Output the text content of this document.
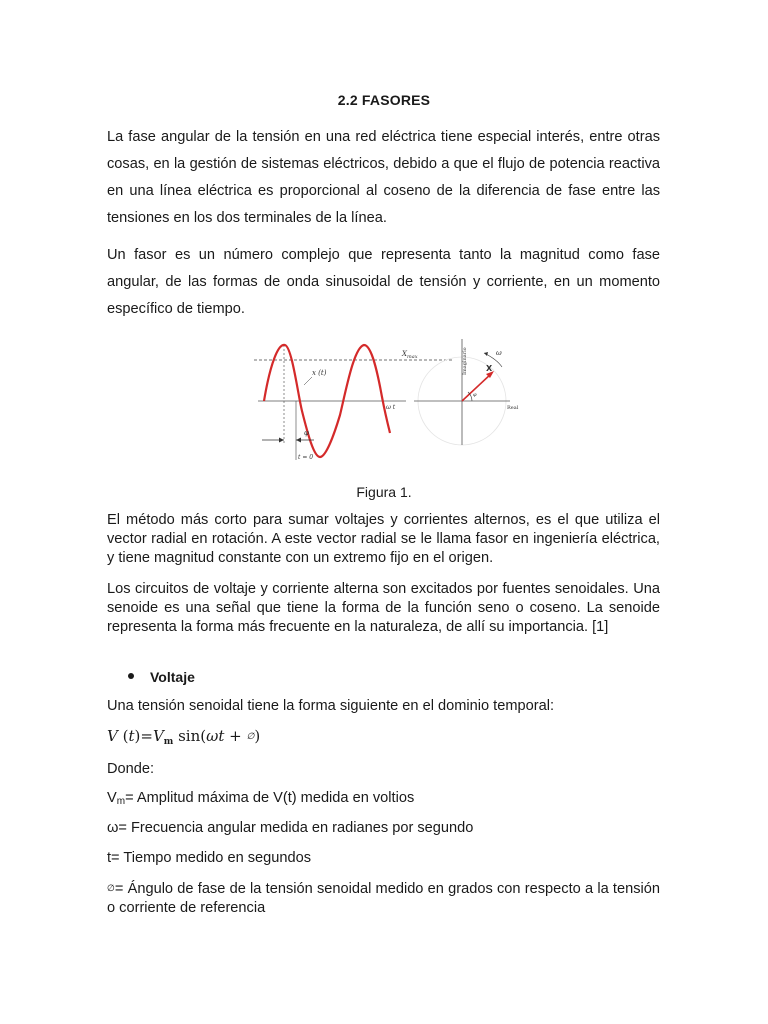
2.2 FASORES

La fase angular de la tensión en una red eléctrica tiene especial interés, entre otras cosas, en la gestión de sistemas eléctricos, debido a que el flujo de potencia reactiva en una línea eléctrica es proporcional al coseno de la diferencia de fase entre las tensiones en los dos terminales de la línea.

Un fasor es un número complejo que representa tanto la magnitud como fase angular, de las formas de onda sinusoidal de tensión y corriente, en un momento específico de tiempo.

x (t)
$X_{max}$
ω t
φ
t = 0
Imaginario
Real
X
ω
φ
Figura 1.

El método más corto para sumar voltajes y corrientes alternos, es el que utiliza el vector radial en rotación. A este vector radial se le llama fasor en ingeniería eléctrica, y tiene magnitud constante con un extremo fijo en el origen.

Los circuitos de voltaje y corriente alterna son excitados por fuentes senoidales. Una senoide es una señal que tiene la forma de la función seno o coseno. La senoide representa la forma más frecuente en la naturaleza, de allí su importancia. [1]

Voltaje
Una tensión senoidal tiene la forma siguiente en el dominio temporal:
V $(t)=V_m$ sin(ωt + ∅)
Donde:
$V_m=$ Amplitud máxima de V(t) medida en voltios
ω= Frecuencia angular medida en radianes por segundo
t= Tiempo medido en segundos
∅= Ángulo de fase de la tensión senoidal medido en grados con respecto a la tensión o corriente de referencia
